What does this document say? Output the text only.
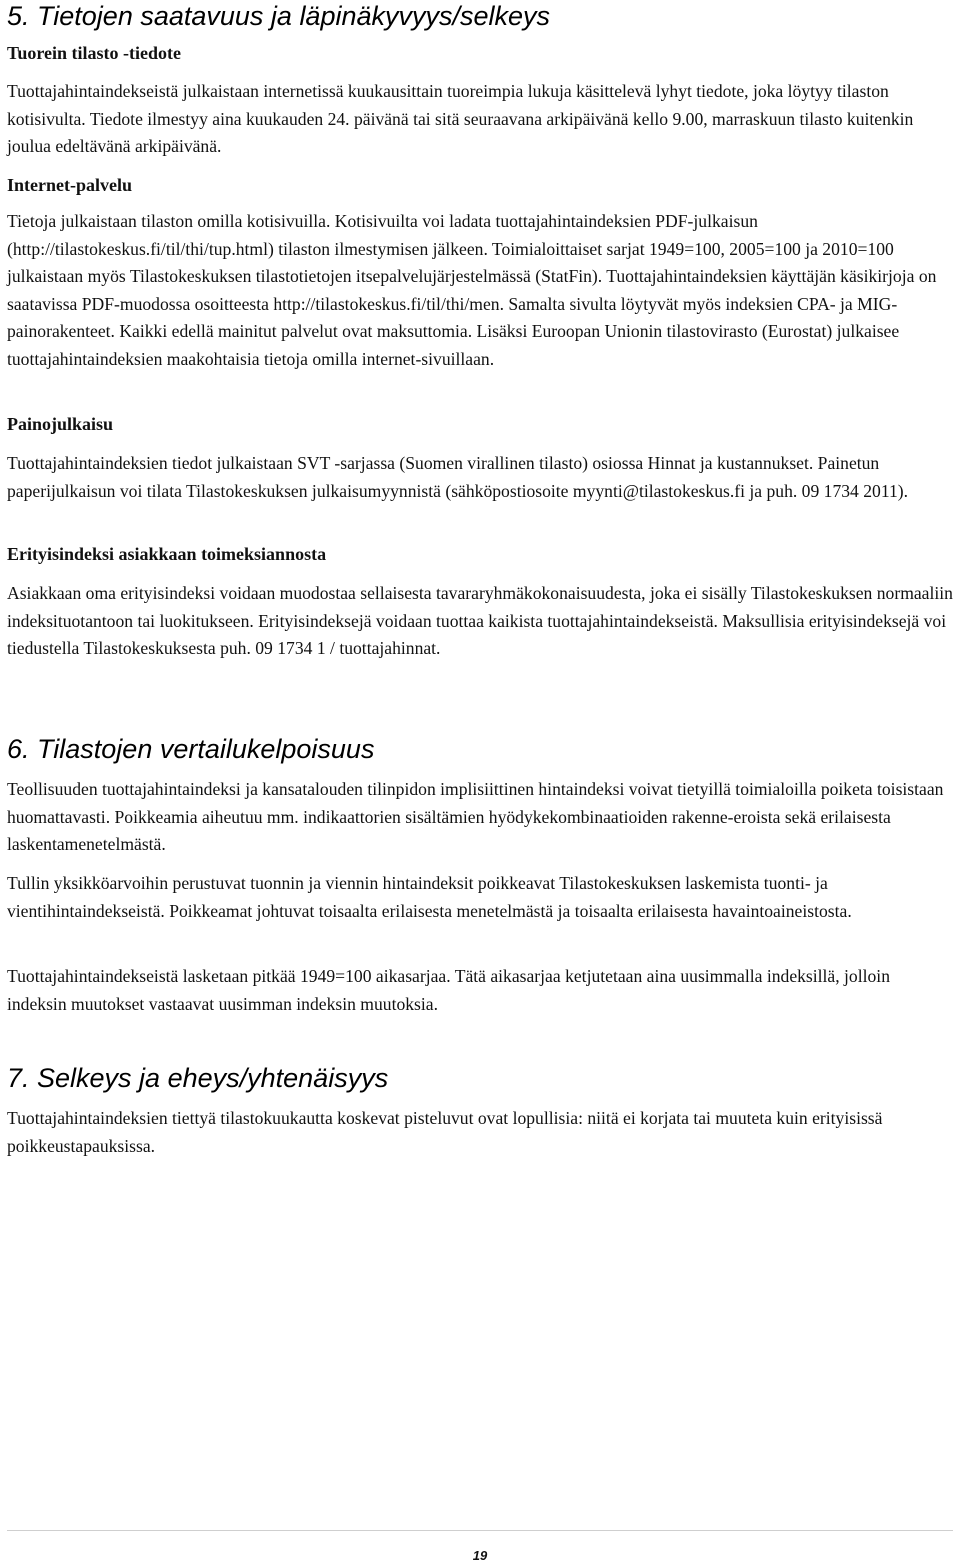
5. Tietojen saatavuus ja läpinäkyvyys/selkeys
Tuorein tilasto -tiedote

Tuottajahintaindekseistä julkaistaan internetissä kuukausittain tuoreimpia lukuja käsittelevä lyhyt tiedote, joka löytyy tilaston kotisivulta. Tiedote ilmestyy aina kuukauden 24. päivänä tai sitä seuraavana arkipäivänä kello 9.00, marraskuun tilasto kuitenkin joulua edeltävänä arkipäivänä.

Internet-palvelu

Tietoja julkaistaan tilaston omilla kotisivuilla. Kotisivuilta voi ladata tuottajahintaindeksien PDF-julkaisun (http://tilastokeskus.fi/til/thi/tup.html) tilaston ilmestymisen jälkeen. Toimialoittaiset sarjat 1949=100, 2005=100 ja 2010=100 julkaistaan myös Tilastokeskuksen tilastotietojen itsepalvelujärjestelmässä (StatFin). Tuottajahintaindeksien käyttäjän käsikirjoja on saatavissa PDF-muodossa osoitteesta http://tilastokeskus.fi/til/thi/men. Samalta sivulta löytyvät myös indeksien CPA- ja MIG-painorakenteet. Kaikki edellä mainitut palvelut ovat maksuttomia. Lisäksi Euroopan Unionin tilastovirasto (Eurostat) julkaisee tuottajahintaindeksien maakohtaisia tietoja omilla internet-sivuillaan.

Painojulkaisu

Tuottajahintaindeksien tiedot julkaistaan SVT -sarjassa (Suomen virallinen tilasto) osiossa Hinnat ja kustannukset. Painetun paperijulkaisun voi tilata Tilastokeskuksen julkaisumyynnistä (sähköpostiosoite myynti@tilastokeskus.fi ja puh. 09 1734 2011).

Erityisindeksi asiakkaan toimeksiannosta

Asiakkaan oma erityisindeksi voidaan muodostaa sellaisesta tavararyhmäkokonaisuudesta, joka ei sisälly Tilastokeskuksen normaaliin indeksituotantoon tai luokitukseen. Erityisindeksejä voidaan tuottaa kaikista tuottajahintaindekseistä. Maksullisia erityisindeksejä voi tiedustella Tilastokeskuksesta puh. 09 1734 1 / tuottajahinnat.

6. Tilastojen vertailukelpoisuus

Teollisuuden tuottajahintaindeksi ja kansatalouden tilinpidon implisiittinen hintaindeksi voivat tietyillä toimialoilla poiketa toisistaan huomattavasti. Poikkeamia aiheutuu mm. indikaattorien sisältämien hyödykekombinaatioiden rakenne-eroista sekä erilaisesta laskentamenetelmästä.

Tullin yksikköarvoihin perustuvat tuonnin ja viennin hintaindeksit poikkeavat Tilastokeskuksen laskemista tuonti- ja vientihintaindekseistä. Poikkeamat johtuvat toisaalta erilaisesta menetelmästä ja toisaalta erilaisesta havaintoaineistosta.

Tuottajahintaindekseistä lasketaan pitkää 1949=100 aikasarjaa. Tätä aikasarjaa ketjutetaan aina uusimmalla indeksillä, jolloin indeksin muutokset vastaavat uusimman indeksin muutoksia.

7. Selkeys ja eheys/yhtenäisyys

Tuottajahintaindeksien tiettyä tilastokuukautta koskevat pisteluvut ovat lopullisia: niitä ei korjata tai muuteta kuin erityisissä poikkeustapauksissa.

19
